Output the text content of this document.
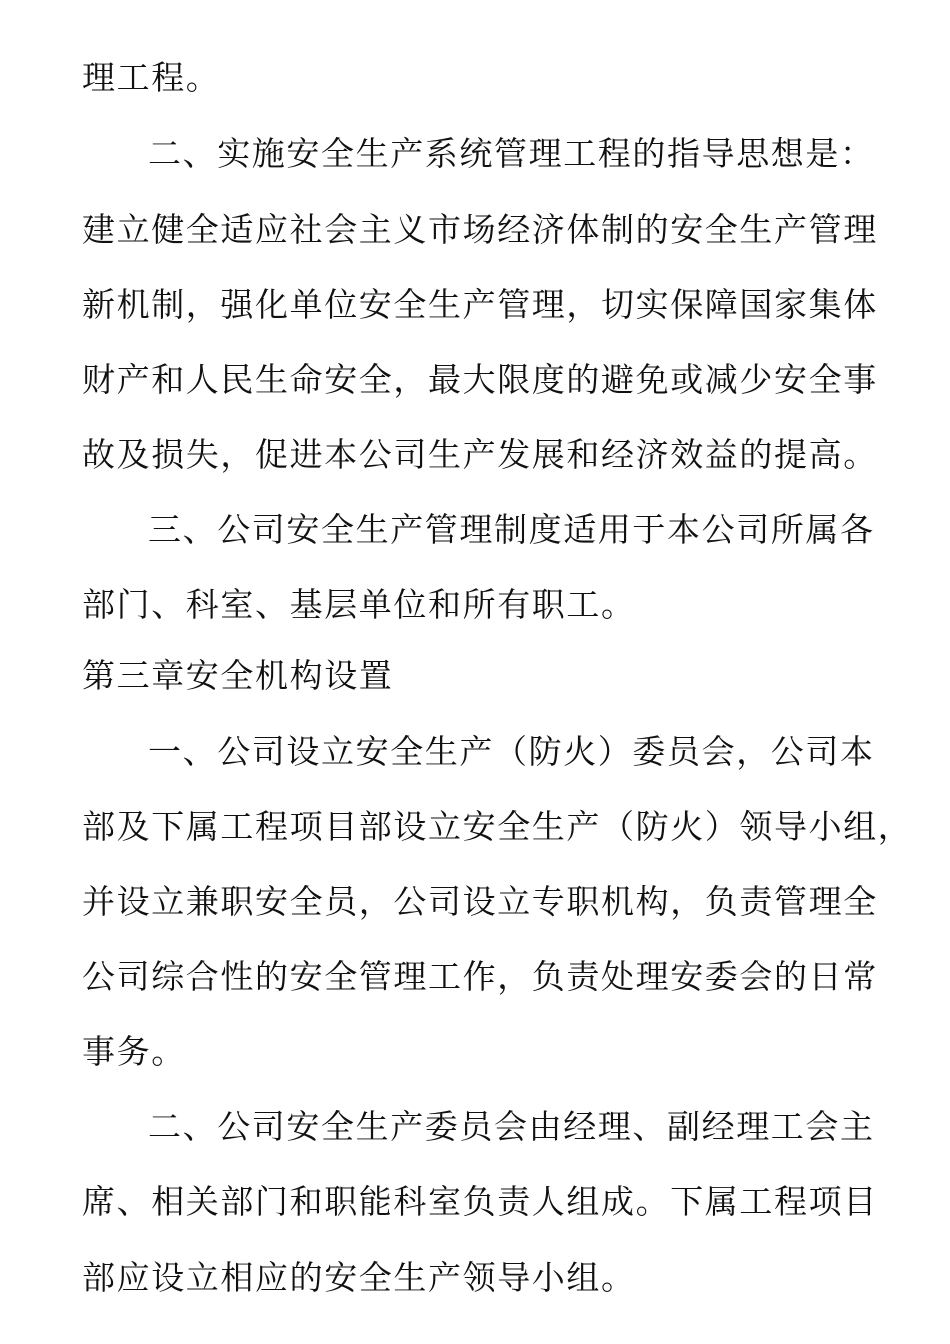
理工程。
二、实施安全生产系统管理工程的指导思想是：
建立健全适应社会主义市场经济体制的安全生产管理
新机制，强化单位安全生产管理，切实保障国家集体
财产和人民生命安全，最大限度的避免或减少安全事
故及损失，促进本公司生产发展和经济效益的提高。
三、公司安全生产管理制度适用于本公司所属各
部门、科室、基层单位和所有职工。
第三章安全机构设置
一、公司设立安全生产（防火）委员会，公司本
部及下属工程项目部设立安全生产（防火）领导小组，
并设立兼职安全员，公司设立专职机构，负责管理全
公司综合性的安全管理工作，负责处理安委会的日常
事务。
二、公司安全生产委员会由经理、副经理工会主
席、相关部门和职能科室负责人组成。下属工程项目
部应设立相应的安全生产领导小组。
